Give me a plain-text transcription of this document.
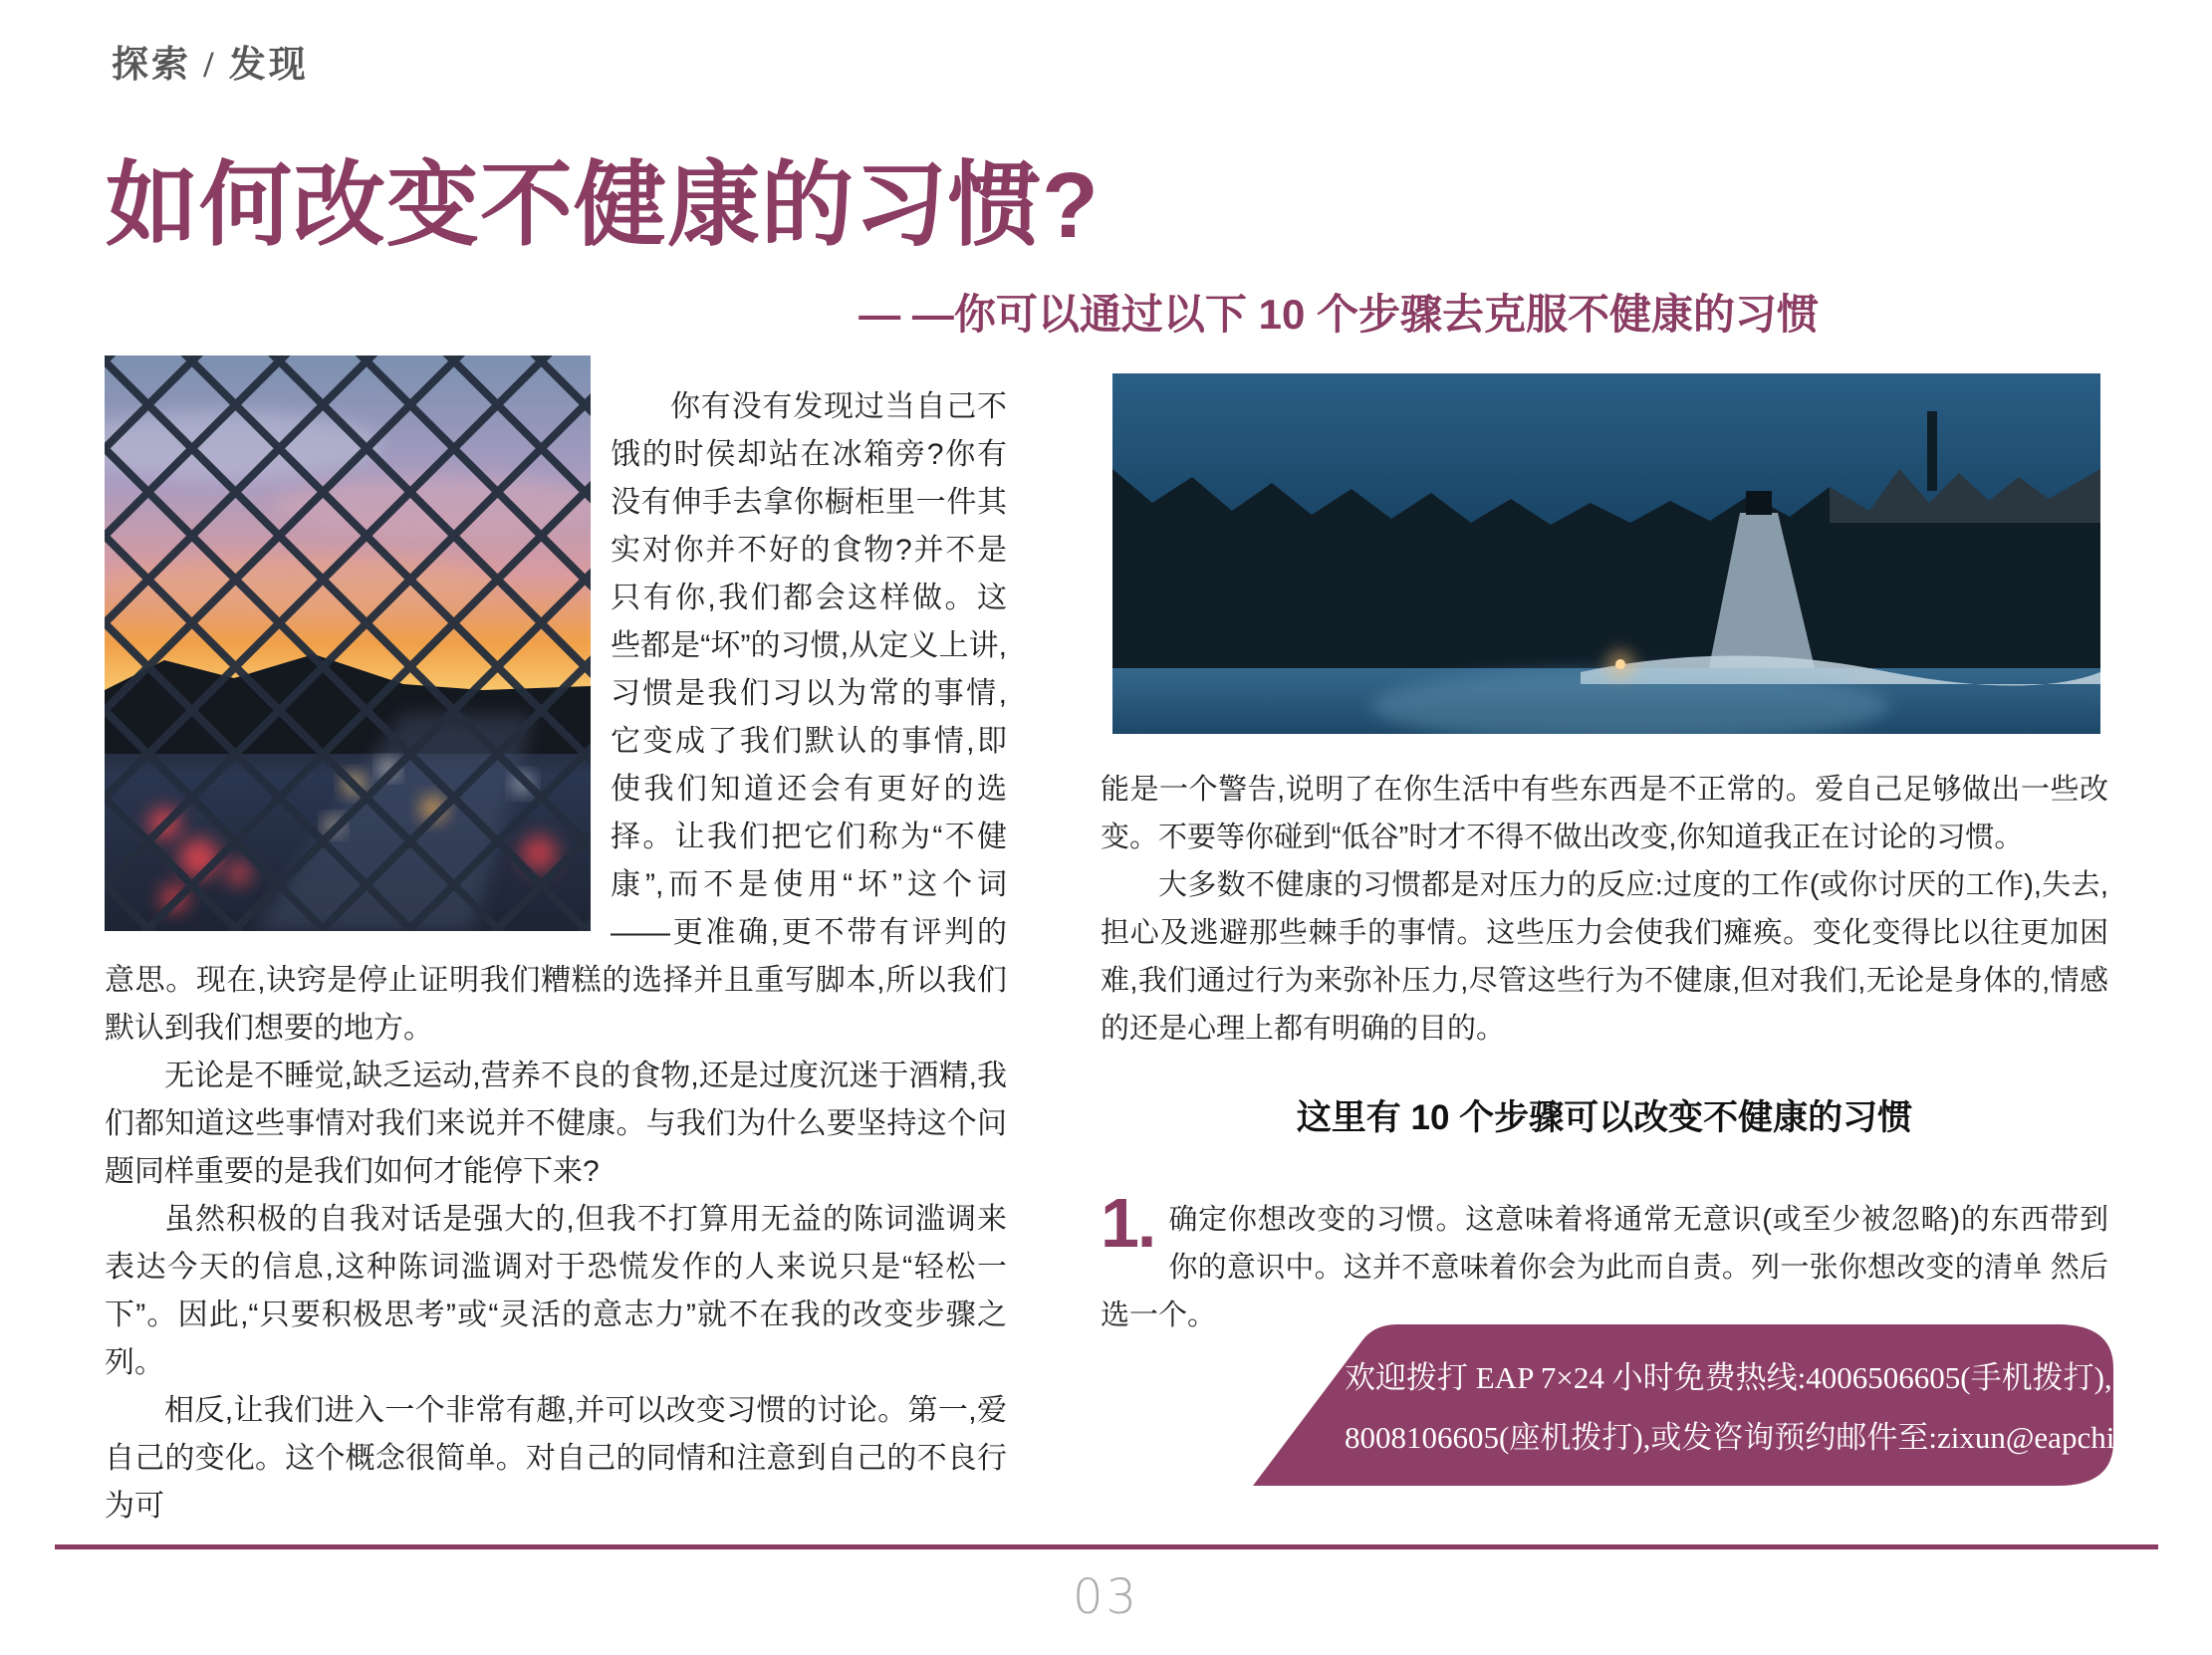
探索 / 发现
如何改变不健康的习惯?
— —你可以通过以下 10 个步骤去克服不健康的习惯

你有没有发现过当自己不饿的时侯却站在冰箱旁?你有没有伸手去拿你橱柜里一件其实对你并不好的食物?并不是只有你,我们都会这样做。这些都是“坏”的习惯,从定义上讲,习惯是我们习以为常的事情,它变成了我们默认的事情,即使我们知道还会有更好的选择。让我们把它们称为“不健康”,而不是使用“坏”这个词——更准确,更不带有评判的意思。现在,诀窍是停止证明我们糟糕的选择并且重写脚本,所以我们默认到我们想要的地方。

无论是不睡觉,缺乏运动,营养不良的食物,还是过度沉迷于酒精,我们都知道这些事情对我们来说并不健康。与我们为什么要坚持这个问题同样重要的是我们如何才能停下来?

虽然积极的自我对话是强大的,但我不打算用无益的陈词滥调来表达今天的信息,这种陈词滥调对于恐慌发作的人来说只是“轻松一下”。因此,“只要积极思考”或“灵活的意志力”就不在我的改变步骤之列。

相反,让我们进入一个非常有趣,并可以改变习惯的讨论。第一,爱自己的变化。这个概念很简单。对自己的同情和注意到自己的不良行为可

能是一个警告,说明了在你生活中有些东西是不正常的。爱自己足够做出一些改变。不要等你碰到“低谷”时才不得不做出改变,你知道我正在讨论的习惯。

大多数不健康的习惯都是对压力的反应:过度的工作(或你讨厌的工作),失去,担心及逃避那些棘手的事情。这些压力会使我们瘫痪。变化变得比以往更加困难,我们通过行为来弥补压力,尽管这些行为不健康,但对我们,无论是身体的,情感的还是心理上都有明确的目的。

这里有 10 个步骤可以改变不健康的习惯
1. 确定你想改变的习惯。这意味着将通常无意识(或至少被忽略)的东西带到你的意识中。这并不意味着你会为此而自责。列一张你想改变的清单 然后选一个。
欢迎拨打 EAP 7×24 小时免费热线:4006506605(手机拨打),
8008106605(座机拨打),或发咨询预约邮件至:zixun@eapchina.net
03
